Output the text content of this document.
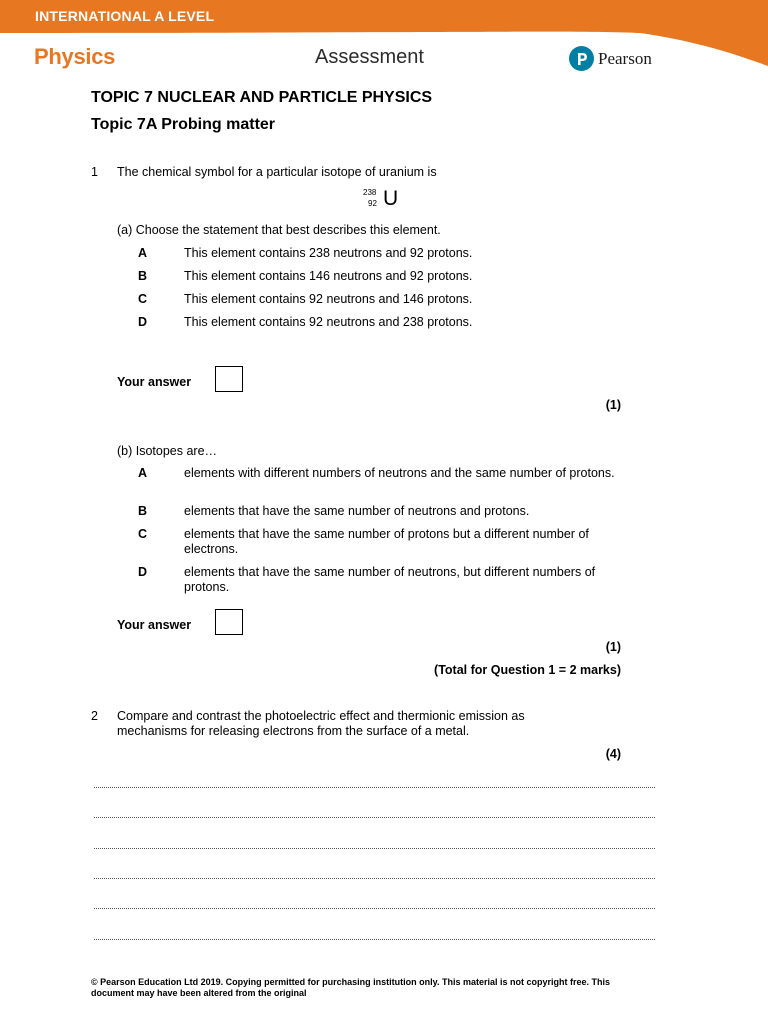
INTERNATIONAL A LEVEL
Physics	Assessment	Pearson
TOPIC 7 NUCLEAR AND PARTICLE PHYSICS
Topic 7A Probing matter
1 The chemical symbol for a particular isotope of uranium is
238
92 U
(a) Choose the statement that best describes this element.
A	This element contains 238 neutrons and 92 protons.
B	This element contains 146 neutrons and 92 protons.
C	This element contains 92 neutrons and 146 protons.
D	This element contains 92 neutrons and 238 protons.
Your answer
(1)
(b) Isotopes are…
A	elements with different numbers of neutrons and the same number of protons.
B	elements that have the same number of neutrons and protons.
C	elements that have the same number of protons but a different number of electrons.
D	elements that have the same number of neutrons, but different numbers of protons.
Your answer
(1)
(Total for Question 1 = 2 marks)
2 Compare and contrast the photoelectric effect and thermionic emission as mechanisms for releasing electrons from the surface of a metal.
(4)
© Pearson Education Ltd 2019. Copying permitted for purchasing institution only. This material is not copyright free. This document may have been altered from the original
